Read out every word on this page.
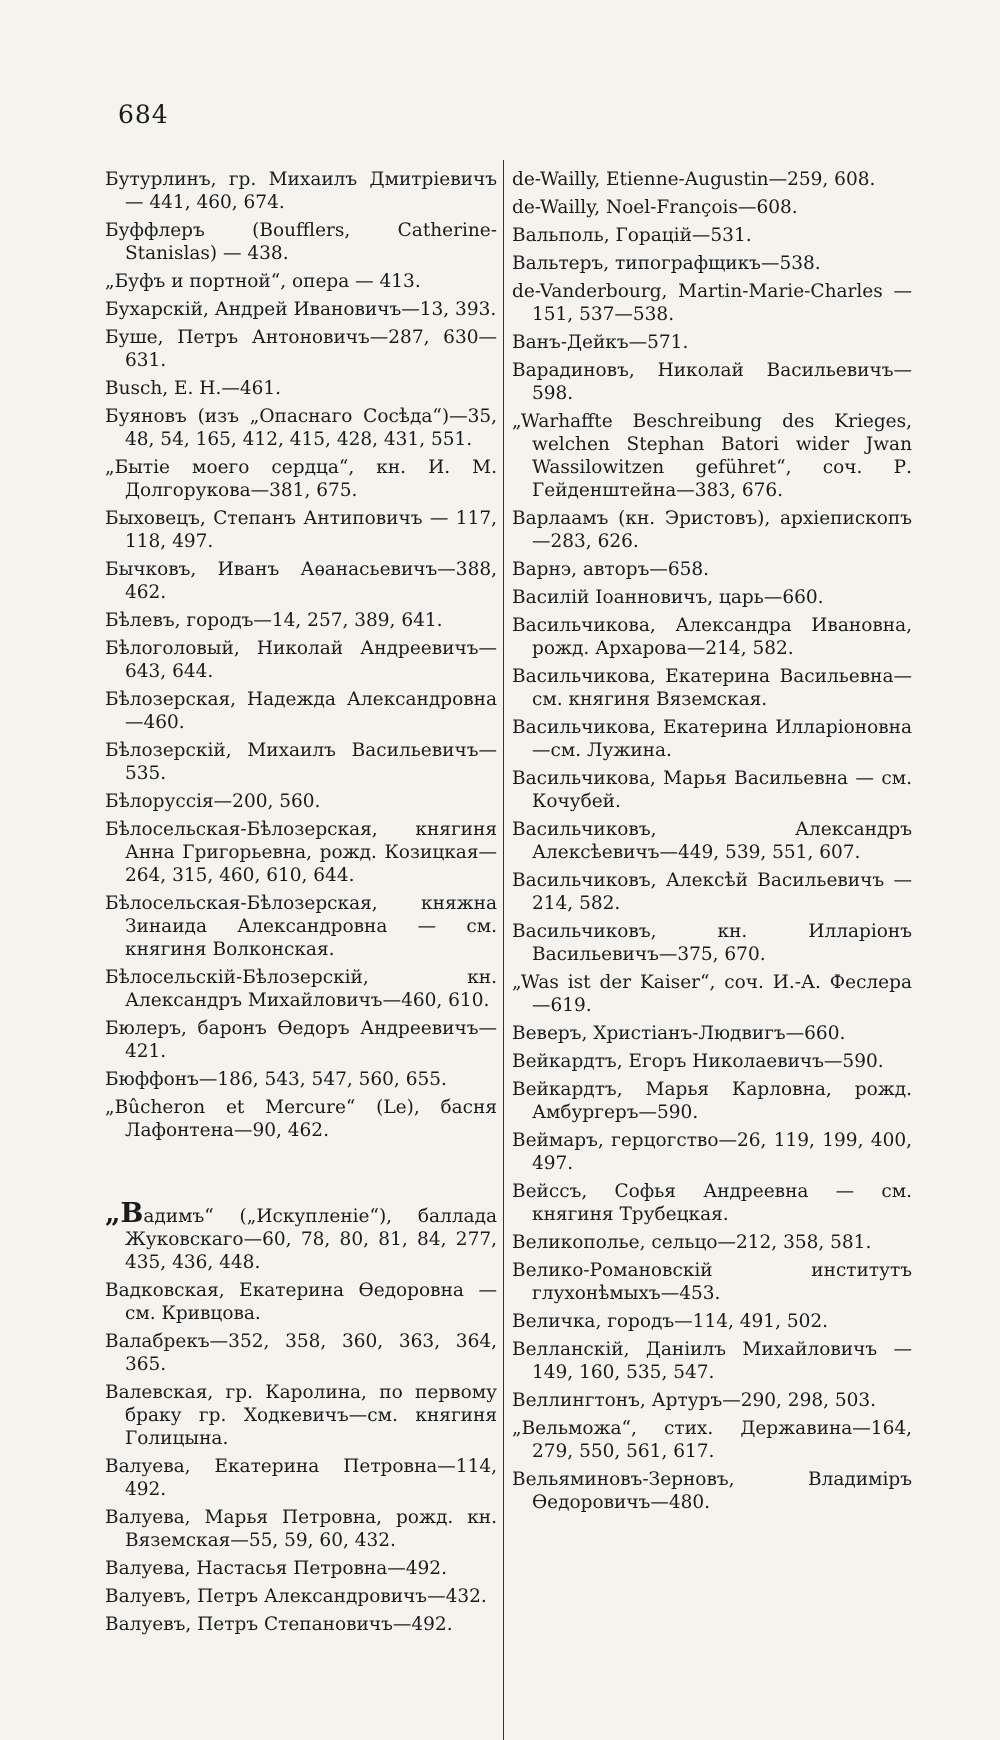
684

Бутурлинъ, гр. Михаилъ Дмитріевичъ — 441, 460, 674.

Буффлеръ (Boufflers, Catherine-Stanislas) — 438.

„Буфъ и портной“, опера — 413.

Бухарскій, Андрей Ивановичъ—13, 393.

Буше, Петръ Антоновичъ—287, 630—631.

Busch, E. H.—461.

Буяновъ (изъ „Опаснаго Сосѣда“)—35, 48, 54, 165, 412, 415, 428, 431, 551.

„Бытіе моего сердца“, кн. И. М. Долгорукова—381, 675.

Быховецъ, Степанъ Антиповичъ — 117, 118, 497.

Бычковъ, Иванъ Аѳанасьевичъ—388, 462.

Бѣлевъ, городъ—14, 257, 389, 641.

Бѣлоголовый, Николай Андреевичъ—643, 644.

Бѣлозерская, Надежда Александровна—460.

Бѣлозерскій, Михаилъ Васильевичъ—535.

Бѣлоруссія—200, 560.

Бѣлосельская-Бѣлозерская, княгиня Анна Григорьевна, рожд. Козицкая—264, 315, 460, 610, 644.

Бѣлосельская-Бѣлозерская, княжна Зинаида Александровна — см. княгиня Волконская.

Бѣлосельскій-Бѣлозерскій, кн. Александръ Михайловичъ—460, 610.

Бюлеръ, баронъ Ѳедоръ Андреевичъ—421.

Бюффонъ—186, 543, 547, 560, 655.

„Bûcheron et Mercure“ (Le), басня Лафонтена—90, 462.

„Вадимъ“ („Искупленіе“), баллада Жуковскаго—60, 78, 80, 81, 84, 277, 435, 436, 448.

Вадковская, Екатерина Ѳедоровна — см. Кривцова.

Валабрекъ—352, 358, 360, 363, 364, 365.

Валевская, гр. Каролина, по первому браку гр. Ходкевичъ—см. княгиня Голицына.

Валуева, Екатерина Петровна—114, 492.

Валуева, Марья Петровна, рожд. кн. Вяземская—55, 59, 60, 432.

Валуева, Настасья Петровна—492.

Валуевъ, Петръ Александровичъ—432.

Валуевъ, Петръ Степановичъ—492.

de-Wailly, Etienne-Augustin—259, 608.

de-Wailly, Noel-François—608.

Вальполь, Горацій—531.

Вальтеръ, типографщикъ—538.

de-Vanderbourg, Martin-Marie-Charles — 151, 537—538.

Ванъ-Дейкъ—571.

Варадиновъ, Николай Васильевичъ—598.

„Warhaffte Beschreibung des Krieges, welchen Stephan Batori wider Jwan Wassilowitzen geführet“, соч. Р. Гейденштейна—383, 676.

Варлаамъ (кн. Эристовъ), архіепископъ—283, 626.

Варнэ, авторъ—658.

Василій Іоанновичъ, царь—660.

Васильчикова, Александра Ивановна, рожд. Архарова—214, 582.

Васильчикова, Екатерина Васильевна—см. княгиня Вяземская.

Васильчикова, Екатерина Илларіоновна—см. Лужина.

Васильчикова, Марья Васильевна — см. Кочубей.

Васильчиковъ, Александръ Алексѣевичъ—449, 539, 551, 607.

Васильчиковъ, Алексѣй Васильевичъ — 214, 582.

Васильчиковъ, кн. Илларіонъ Васильевичъ—375, 670.

„Was ist der Kaiser“, соч. И.-А. Феслера—619.

Веверъ, Христіанъ-Людвигъ—660.

Вейкардтъ, Егоръ Николаевичъ—590.

Вейкардтъ, Марья Карловна, рожд. Амбургеръ—590.

Веймаръ, герцогство—26, 119, 199, 400, 497.

Вейссъ, Софья Андреевна — см. княгиня Трубецкая.

Великополье, сельцо—212, 358, 581.

Велико-Романовскій институтъ глухонѣмыхъ—453.

Величка, городъ—114, 491, 502.

Велланскій, Даніилъ Михайловичъ — 149, 160, 535, 547.

Веллингтонъ, Артуръ—290, 298, 503.

„Вельможа“, стих. Державина—164, 279, 550, 561, 617.

Вельяминовъ-Зерновъ, Владиміръ Ѳедоровичъ—480.
